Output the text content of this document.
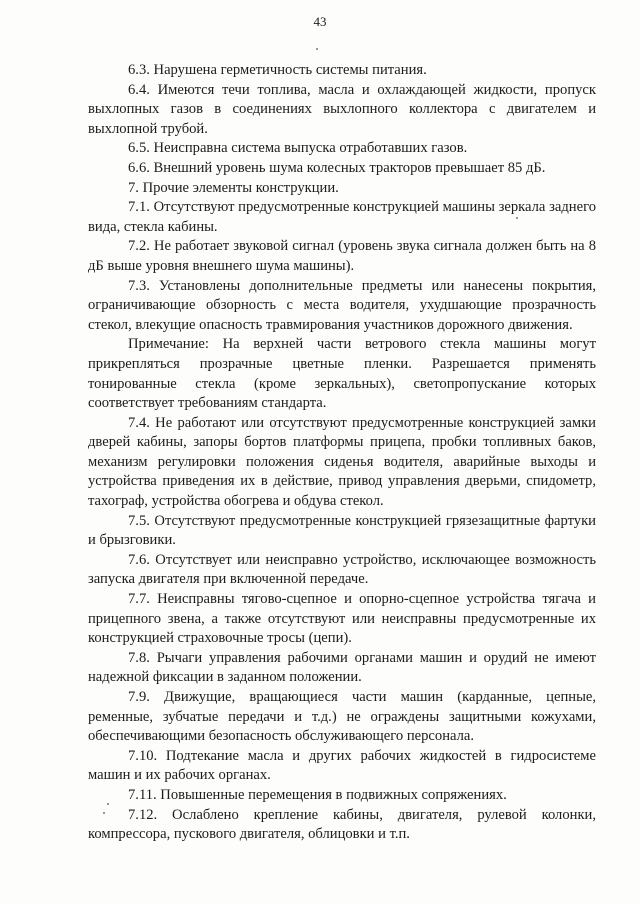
43

6.3. Нарушена герметичность системы питания.

6.4. Имеются течи топлива, масла и охлаждающей жидкости, пропуск выхлопных газов в соединениях выхлопного коллектора с двигателем и выхлопной трубой.

6.5. Неисправна система выпуска отработавших газов.

6.6. Внешний уровень шума колесных тракторов превышает 85 дБ.

7. Прочие элементы конструкции.

7.1. Отсутствуют предусмотренные конструкцией машины зеркала заднего вида, стекла кабины.

7.2. Не работает звуковой сигнал (уровень звука сигнала должен быть на 8 дБ выше уровня внешнего шума машины).

7.3. Установлены дополнительные предметы или нанесены покрытия, ограничивающие обзорность с места водителя, ухудшающие прозрачность стекол, влекущие опасность травмирования участников дорожного движения.

Примечание: На верхней части ветрового стекла машины могут прикрепляться прозрачные цветные пленки. Разрешается применять тонированные стекла (кроме зеркальных), светопропускание которых соответствует требованиям стандарта.

7.4. Не работают или отсутствуют предусмотренные конструкцией замки дверей кабины, запоры бортов платформы прицепа, пробки топливных баков, механизм регулировки положения сиденья водителя, аварийные выходы и устройства приведения их в действие, привод управления дверьми, спидометр, тахограф, устройства обогрева и обдува стекол.

7.5. Отсутствуют предусмотренные конструкцией грязезащитные фартуки и брызговики.

7.6. Отсутствует или неисправно устройство, исключающее возможность запуска двигателя при включенной передаче.

7.7. Неисправны тягово-сцепное и опорно-сцепное устройства тягача и прицепного звена, а также отсутствуют или неисправны предусмотренные их конструкцией страховочные тросы (цепи).

7.8. Рычаги управления рабочими органами машин и орудий не имеют надежной фиксации в заданном положении.

7.9. Движущие, вращающиеся части машин (карданные, цепные, ременные, зубчатые передачи и т.д.) не ограждены защитными кожухами, обеспечивающими безопасность обслуживающего персонала.

7.10. Подтекание масла и других рабочих жидкостей в гидросистеме машин и их рабочих органах.

7.11. Повышенные перемещения в подвижных сопряжениях.

7.12. Ослаблено крепление кабины, двигателя, рулевой колонки, компрессора, пускового двигателя, облицовки и т.п.
